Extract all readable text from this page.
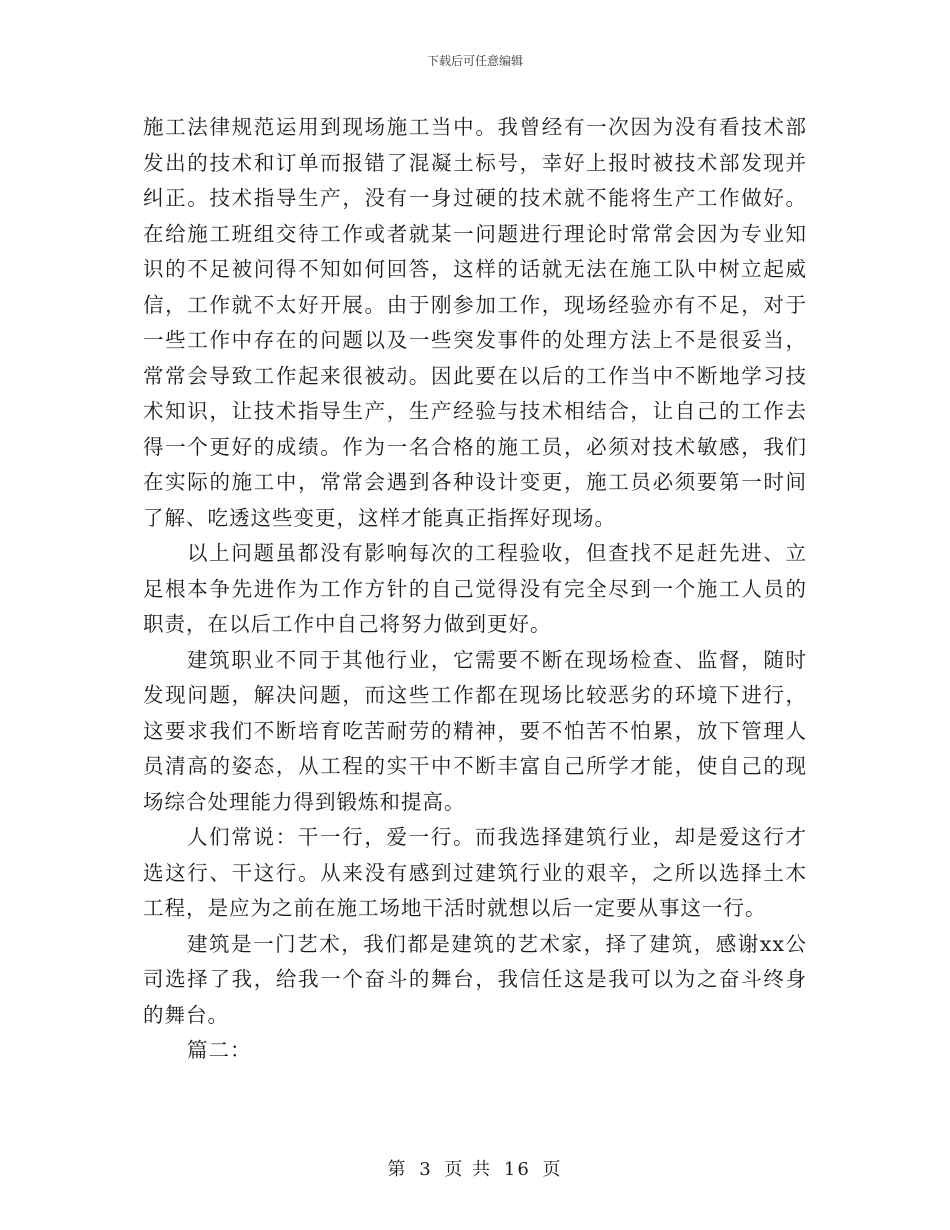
下载后可任意编辑

施工法律规范运用到现场施工当中。我曾经有一次因为没有看技术部发出的技术和订单而报错了混凝土标号，幸好上报时被技术部发现并纠正。技术指导生产，没有一身过硬的技术就不能将生产工作做好。在给施工班组交待工作或者就某一问题进行理论时常常会因为专业知识的不足被问得不知如何回答，这样的话就无法在施工队中树立起威信，工作就不太好开展。由于刚参加工作，现场经验亦有不足，对于一些工作中存在的问题以及一些突发事件的处理方法上不是很妥当，常常会导致工作起来很被动。因此要在以后的工作当中不断地学习技术知识，让技术指导生产，生产经验与技术相结合，让自己的工作去得一个更好的成绩。作为一名合格的施工员，必须对技术敏感，我们在实际的施工中，常常会遇到各种设计变更，施工员必须要第一时间了解、吃透这些变更，这样才能真正指挥好现场。

以上问题虽都没有影响每次的工程验收，但查找不足赶先进、立足根本争先进作为工作方针的自己觉得没有完全尽到一个施工人员的职责，在以后工作中自己将努力做到更好。

建筑职业不同于其他行业，它需要不断在现场检查、监督，随时发现问题，解决问题，而这些工作都在现场比较恶劣的环境下进行，这要求我们不断培育吃苦耐劳的精神，要不怕苦不怕累，放下管理人员清高的姿态，从工程的实干中不断丰富自己所学才能，使自己的现场综合处理能力得到锻炼和提高。

人们常说：干一行，爱一行。而我选择建筑行业，却是爱这行才选这行、干这行。从来没有感到过建筑行业的艰辛，之所以选择土木工程，是应为之前在施工场地干活时就想以后一定要从事这一行。

建筑是一门艺术，我们都是建筑的艺术家，择了建筑，感谢xx公司选择了我，给我一个奋斗的舞台，我信任这是我可以为之奋斗终身的舞台。

篇二：

第 3 页 共 16 页
